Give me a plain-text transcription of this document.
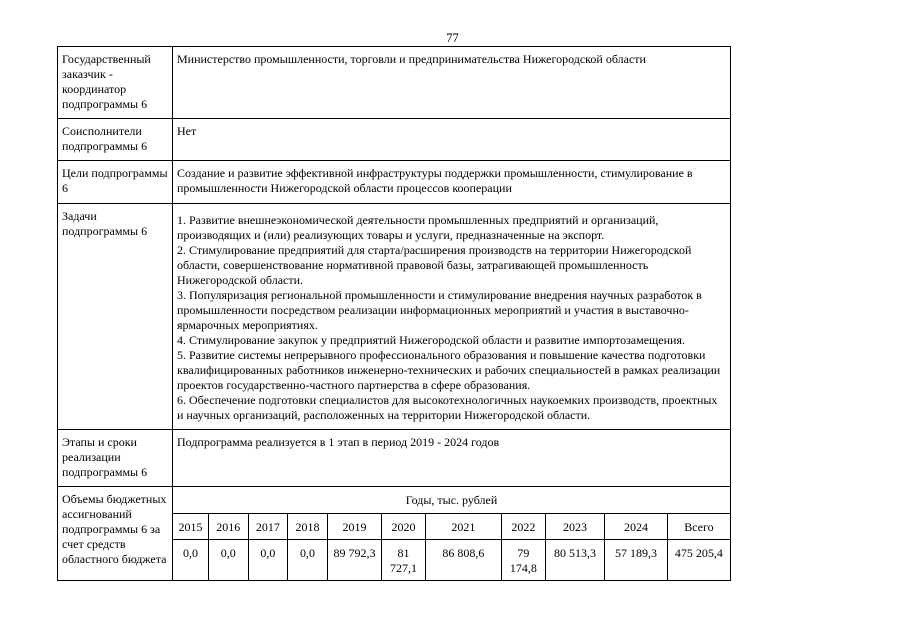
77
Государственный заказчик - координатор подпрограммы 6	Министерство промышленности, торговли и предпринимательства Нижегородской области
Соисполнители подпрограммы 6	Нет
Цели подпрограммы 6	Создание и развитие эффективной инфраструктуры поддержки промышленности, стимулирование в промышленности Нижегородской области процессов кооперации
Задачи подпрограммы 6	
1. Развитие внешнеэкономической деятельности промышленных предприятий и организаций, производящих и (или) реализующих товары и услуги, предназначенные на экспорт.
2. Стимулирование предприятий для старта/расширения производств на территории Нижегородской области, совершенствование нормативной правовой базы, затрагивающей промышленность Нижегородской области.
3. Популяризация региональной промышленности и стимулирование внедрения научных разработок в промышленности посредством реализации информационных мероприятий и участия в выставочно-ярмарочных мероприятиях.
4. Стимулирование закупок у предприятий Нижегородской области и развитие импортозамещения.
5. Развитие системы непрерывного профессионального образования и повышение качества подготовки квалифицированных работников инженерно-технических и рабочих специальностей в рамках реализации проектов государственно-частного партнерства в сфере образования.
6. Обеспечение подготовки специалистов для высокотехнологичных наукоемких производств, проектных и научных организаций, расположенных на территории Нижегородской области.

Этапы и сроки реализации подпрограммы 6	Подпрограмма реализуется в 1 этап в период 2019 - 2024 годов
Объемы бюджетных ассигнований подпрограммы 6 за счет средств областного бюджета	
Годы, тыс. рублей
2015	2016	2017	2018	2019	2020	2021	2022	2023	2024	Всего
0,0	0,0	0,0	0,0	89 792,3	81 727,1	86 808,6	79 174,8	80 513,3	57 189,3	475 205,4
